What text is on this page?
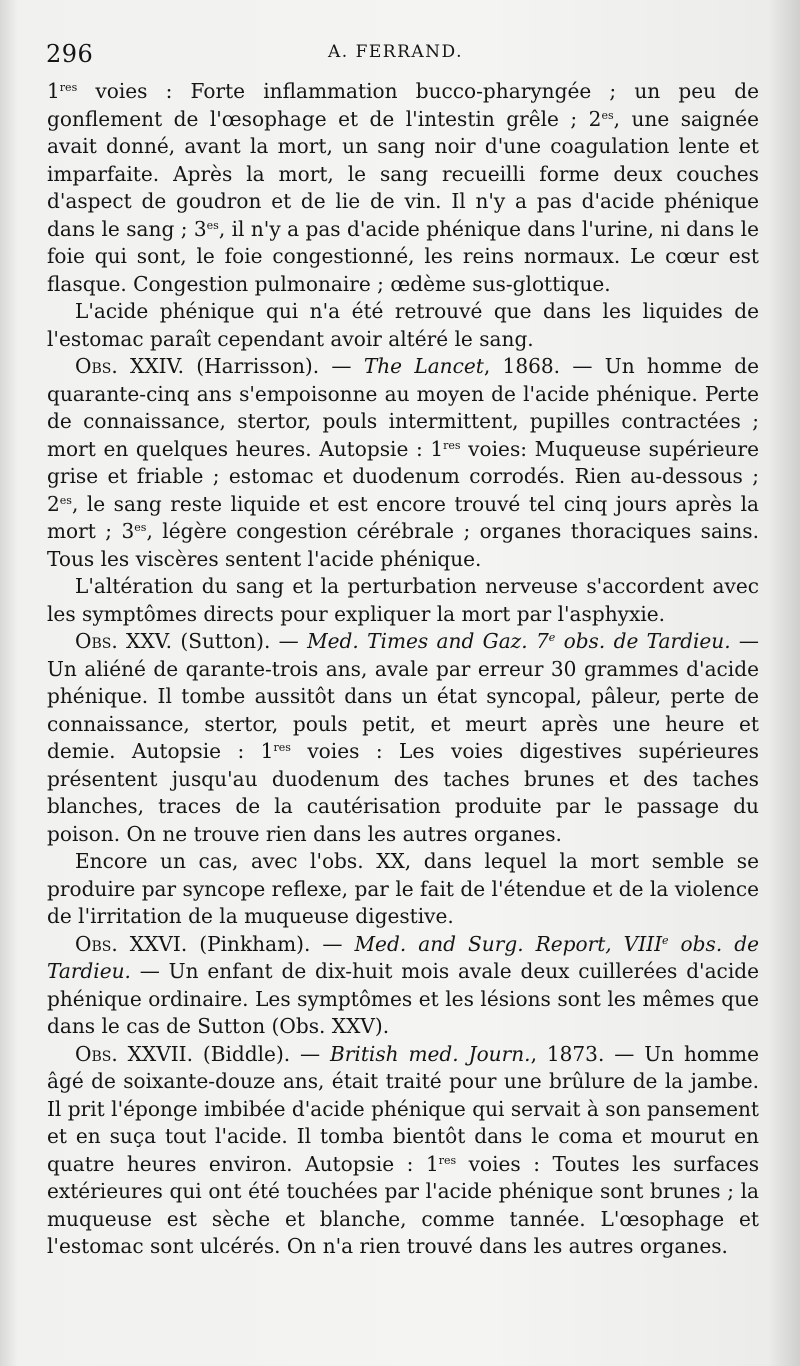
296	A. FERRAND.

1res voies : Forte inflammation bucco-pharyngée ; un peu de gonflement de l'œsophage et de l'intestin grêle ; $2^{es}$, une saignée avait donné, avant la mort, un sang noir d'une coagulation lente et imparfaite. Après la mort, le sang recueilli forme deux couches d'aspect de goudron et de lie de vin. Il n'y a pas d'acide phénique dans le sang ; $3^{es}$, il n'y a pas d'acide phénique dans l'urine, ni dans le foie qui sont, le foie congestionné, les reins normaux. Le cœur est flasque. Congestion pulmonaire ; œdème sus-glottique.

L'acide phénique qui n'a été retrouvé que dans les liquides de l'estomac paraît cependant avoir altéré le sang.

Obs. XXIV. (Harrisson). — The Lancet, 1868. — Un homme de quarante-cinq ans s'empoisonne au moyen de l'acide phénique. Perte de connaissance, stertor, pouls intermittent, pupilles contractées ; mort en quelques heures. Autopsie : 1res voies: Muqueuse supérieure grise et friable ; estomac et duodenum corrodés. Rien au-dessous ; $2^{es}$, le sang reste liquide et est encore trouvé tel cinq jours après la mort ; $3^{es}$, légère congestion cérébrale ; organes thoraciques sains. Tous les viscères sentent l'acide phénique.

L'altération du sang et la perturbation nerveuse s'accordent avec les symptômes directs pour expliquer la mort par l'asphyxie.

Obs. XXV. (Sutton). — Med. Times and Gaz. 7e obs. de Tardieu. — Un aliéné de qarante-trois ans, avale par erreur 30 grammes d'acide phénique. Il tombe aussitôt dans un état syncopal, pâleur, perte de connaissance, stertor, pouls petit, et meurt après une heure et demie. Autopsie : 1res voies : Les voies digestives supérieures présentent jusqu'au duodenum des taches brunes et des taches blanches, traces de la cautérisation produite par le passage du poison. On ne trouve rien dans les autres organes.

Encore un cas, avec l'obs. XX, dans lequel la mort semble se produire par syncope reflexe, par le fait de l'étendue et de la violence de l'irritation de la muqueuse digestive.

Obs. XXVI. (Pinkham). — Med. and Surg. Report, VIIIe obs. de Tardieu. — Un enfant de dix-huit mois avale deux cuillerées d'acide phénique ordinaire. Les symptômes et les lésions sont les mêmes que dans le cas de Sutton (Obs. XXV).

Obs. XXVII. (Biddle). — British med. Journ., 1873. — Un homme âgé de soixante-douze ans, était traité pour une brûlure de la jambe. Il prit l'éponge imbibée d'acide phénique qui servait à son pansement et en suça tout l'acide. Il tomba bientôt dans le coma et mourut en quatre heures environ. Autopsie : 1res voies : Toutes les surfaces extérieures qui ont été touchées par l'acide phénique sont brunes ; la muqueuse est sèche et blanche, comme tannée. L'œsophage et l'estomac sont ulcérés. On n'a rien trouvé dans les autres organes.
